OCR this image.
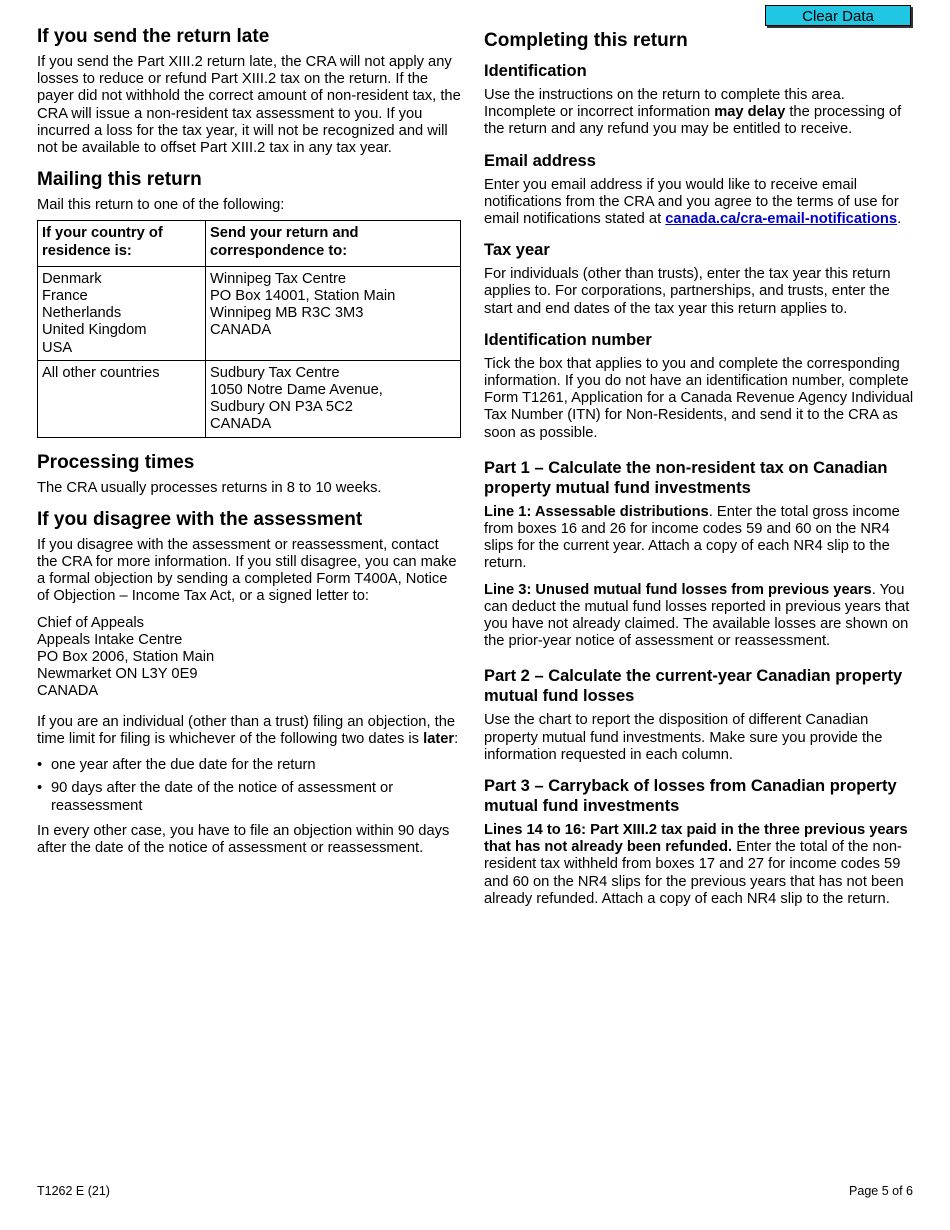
Clear Data
If you send the return late

If you send the Part XIII.2 return late, the CRA will not apply any losses to reduce or refund Part XIII.2 tax on the return. If the payer did not withhold the correct amount of non-resident tax, the CRA will issue a non-resident tax assessment to you. If you incurred a loss for the tax year, it will not be recognized and will not be available to offset Part XIII.2 tax in any tax year.

Mailing this return

Mail this return to one of the following:

If your country of residence is:	Send your return and correspondence to:

Denmark
France
Netherlands
United Kingdom
USA	Winnipeg Tax Centre
PO Box 14001, Station Main
Winnipeg MB R3C 3M3
CANADA

All other countries	Sudbury Tax Centre
1050 Notre Dame Avenue,
Sudbury ON P3A 5C2
CANADA
Processing times

The CRA usually processes returns in 8 to 10 weeks.

If you disagree with the assessment

If you disagree with the assessment or reassessment, contact the CRA for more information. If you still disagree, you can make a formal objection by sending a completed Form T400A, Notice of Objection – Income Tax Act, or a signed letter to:

Chief of Appeals
Appeals Intake Centre
PO Box 2006, Station Main
Newmarket ON L3Y 0E9
CANADA

If you are an individual (other than a trust) filing an objection, the time limit for filing is whichever of the following two dates is later:

• one year after the due date for the return
• 90 days after the date of the notice of assessment or reassessment

In every other case, you have to file an objection within 90 days after the date of the notice of assessment or reassessment.

Completing this return
Identification

Use the instructions on the return to complete this area. Incomplete or incorrect information may delay the processing of the return and any refund you may be entitled to receive.

Email address

Enter you email address if you would like to receive email notifications from the CRA and you agree to the terms of use for email notifications stated at canada.ca/cra-email-notifications.

Tax year

For individuals (other than trusts), enter the tax year this return applies to. For corporations, partnerships, and trusts, enter the start and end dates of the tax year this return applies to.

Identification number

Tick the box that applies to you and complete the corresponding information. If you do not have an identification number, complete Form T1261, Application for a Canada Revenue Agency Individual Tax Number (ITN) for Non-Residents, and send it to the CRA as soon as possible.

Part 1 – Calculate the non-resident tax on Canadian property mutual fund investments

Line 1: Assessable distributions. Enter the total gross income from boxes 16 and 26 for income codes 59 and 60 on the NR4 slips for the current year. Attach a copy of each NR4 slip to the return.

Line 3: Unused mutual fund losses from previous years. You can deduct the mutual fund losses reported in previous years that you have not already claimed. The available losses are shown on the prior-year notice of assessment or reassessment.

Part 2 – Calculate the current-year Canadian property mutual fund losses

Use the chart to report the disposition of different Canadian property mutual fund investments. Make sure you provide the information requested in each column.

Part 3 – Carryback of losses from Canadian property mutual fund investments

Lines 14 to 16: Part XIII.2 tax paid in the three previous years that has not already been refunded. Enter the total of the non-resident tax withheld from boxes 17 and 27 for income codes 59 and 60 on the NR4 slips for the previous years that has not been already refunded. Attach a copy of each NR4 slip to the return.

T1262 E (21)	Page 5 of 6
